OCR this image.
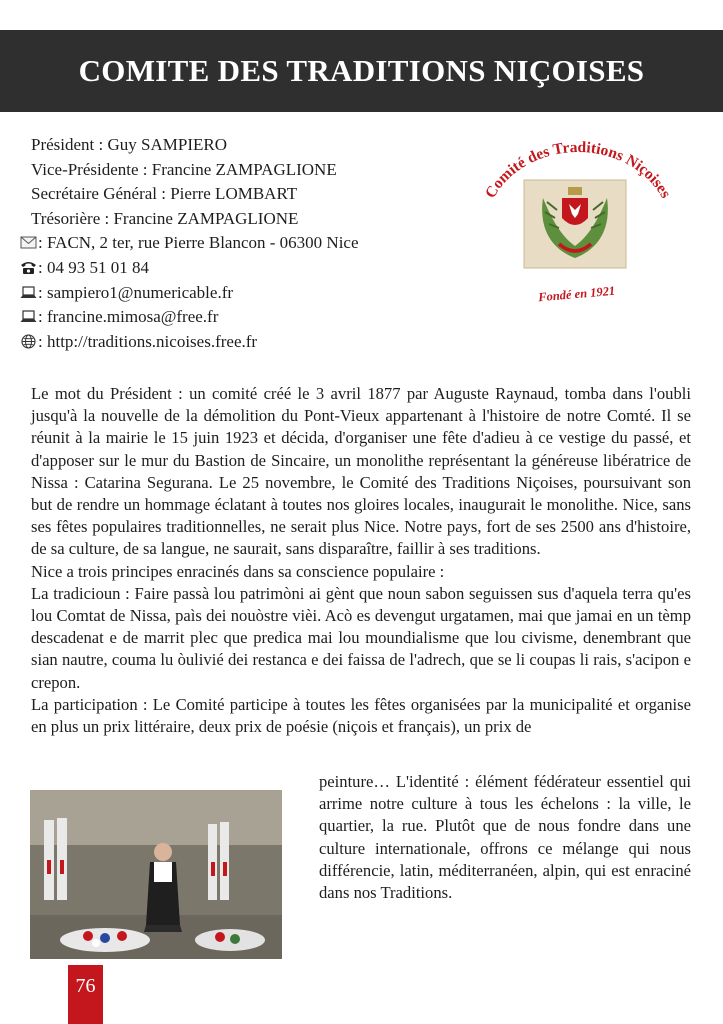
COMITE DES TRADITIONS NIÇOISES
Président : Guy SAMPIERO
Vice-Présidente : Francine ZAMPAGLIONE
Secrétaire Général : Pierre LOMBART
Trésorière : Francine ZAMPAGLIONE
: FACN, 2 ter, rue Pierre Blancon - 06300 Nice
: 04 93 51 01 84
: sampiero1@numericable.fr
: francine.mimosa@free.fr
: http://traditions.nicoises.free.fr
Comité des Traditions Niçoises
Fondé en 1921

Le mot du Président : un comité créé le 3 avril 1877 par Auguste Raynaud, tomba dans l'oubli jusqu'à la nouvelle de la démolition du Pont-Vieux appartenant à l'histoire de notre Comté. Il se réunit à la mairie le 15 juin 1923 et décida, d'organiser une fête d'adieu à ce vestige du passé, et d'apposer sur le mur du Bastion de Sincaire, un monolithe représentant la généreuse libératrice de Nissa : Catarina Segurana. Le 25 novembre, le Comité des Traditions Niçoises, poursuivant son but de rendre un hommage éclatant à toutes nos gloires locales, inaugurait le monolithe. Nice, sans ses fêtes populaires traditionnelles, ne serait plus Nice. Notre pays, fort de ses 2500 ans d'histoire, de sa culture, de sa langue, ne saurait, sans disparaître, faillir à ses traditions.

Nice a trois principes enracinés dans sa conscience populaire :

La tradicioun : Faire passà lou patrimòni ai gènt que noun sabon seguissen sus d'aquela terra qu'es lou Comtat de Nissa, paìs dei nouòstre vièi. Acò es devengut urgatamen, mai que jamai en un tèmp descadenat e de marrit plec que predica mai lou moundialisme que lou civisme, denembrant que sian nautre, couma lu òulivié dei restanca e dei faissa de l'adrech, que se li coupas li rais, s'acipon e crepon.

La participation : Le Comité participe à toutes les fêtes organisées par la municipalité et organise en plus un prix littéraire, deux prix de poésie (niçois et français), un prix de

peinture… L'identité : élément fédérateur essentiel qui arrime notre culture à tous les échelons : la ville, le quartier, la rue. Plutôt que de nous fondre dans une culture internationale, offrons ce mélange qui nous différencie, latin, méditerranéen, alpin, qui est enraciné dans nos Traditions.
76
